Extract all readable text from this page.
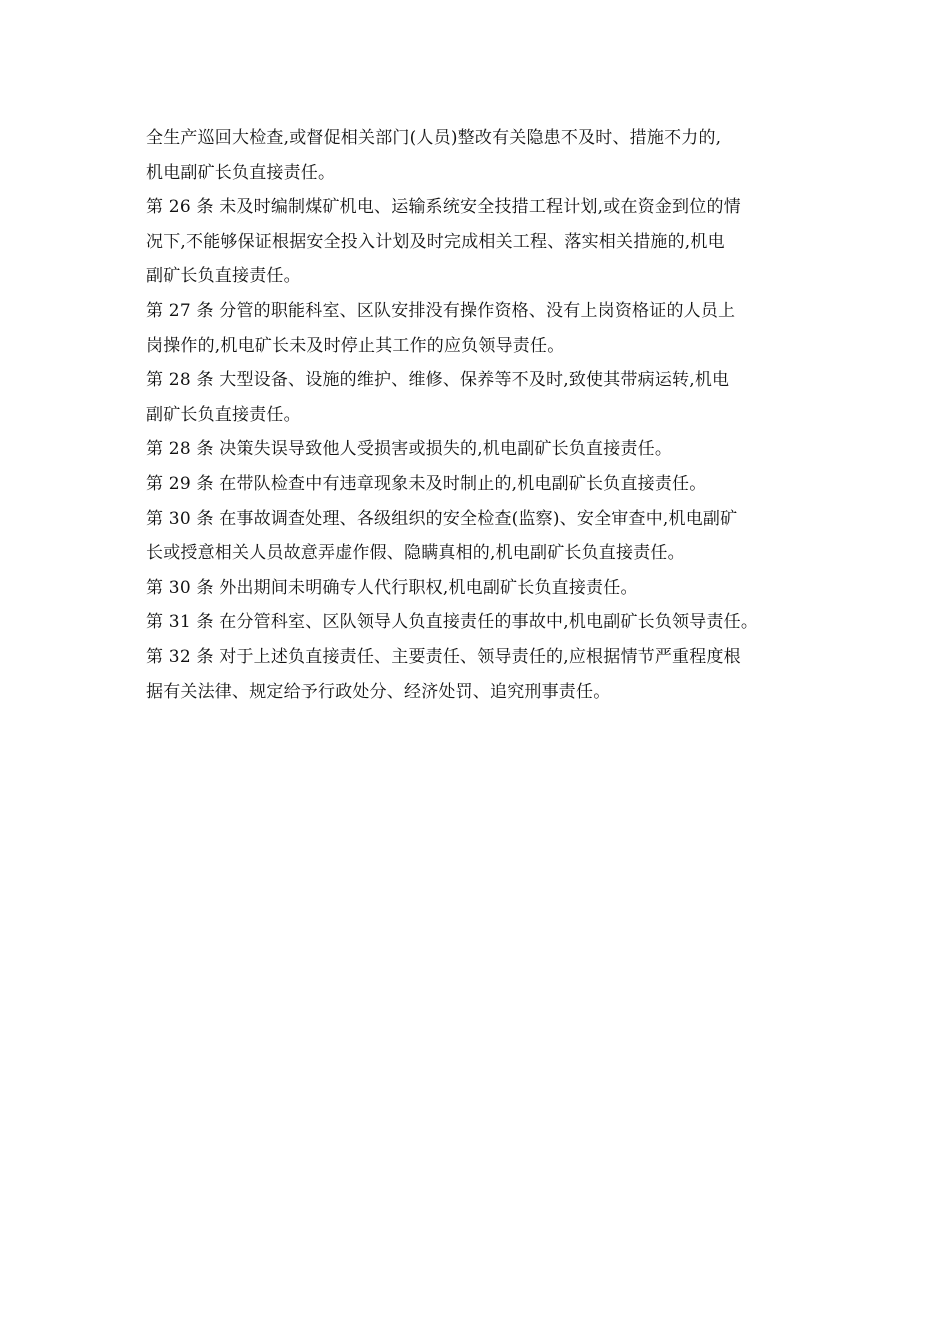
全生产巡回大检查,或督促相关部门(人员)整改有关隐患不及时、措施不力的,
机电副矿长负直接责任。
第 26 条 未及时编制煤矿机电、运输系统安全技措工程计划,或在资金到位的情
况下,不能够保证根据安全投入计划及时完成相关工程、落实相关措施的,机电
副矿长负直接责任。
第 27 条 分管的职能科室、区队安排没有操作资格、没有上岗资格证的人员上
岗操作的,机电矿长未及时停止其工作的应负领导责任。
第 28 条 大型设备、设施的维护、维修、保养等不及时,致使其带病运转,机电
副矿长负直接责任。
第 28 条 决策失误导致他人受损害或损失的,机电副矿长负直接责任。
第 29 条 在带队检查中有违章现象未及时制止的,机电副矿长负直接责任。
第 30 条 在事故调查处理、各级组织的安全检查(监察)、安全审查中,机电副矿
长或授意相关人员故意弄虚作假、隐瞒真相的,机电副矿长负直接责任。
第 30 条 外出期间未明确专人代行职权,机电副矿长负直接责任。
第 31 条 在分管科室、区队领导人负直接责任的事故中,机电副矿长负领导责任。
第 32 条 对于上述负直接责任、主要责任、领导责任的,应根据情节严重程度根
据有关法律、规定给予行政处分、经济处罚、追究刑事责任。
